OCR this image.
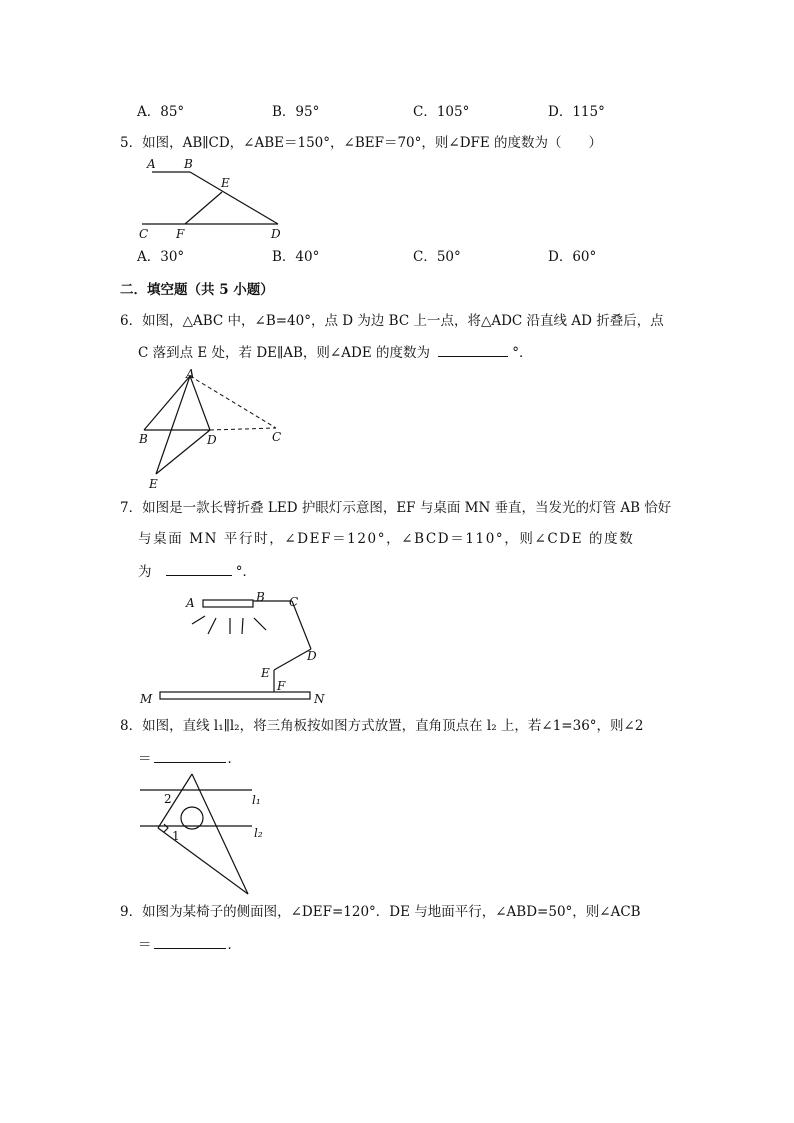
A．85°	B．95°	C．105°	D．115°
5．如图，AB∥CD，∠ABE＝150°，∠BEF＝70°，则∠DFE 的度数为（　　）
A B
E
C F	D
A．30°	B．40°	C．50°	D．60°
二．填空题（共 5 小题）
6．如图，△ABC 中，∠B=40°，点 D 为边 BC 上一点，将△ADC 沿直线 AD 折叠后，点
C 落到点 E 处，若 DE∥AB，则∠ADE 的度数为	°．
A
B	D	C
E
7．如图是一款长臂折叠 LED 护眼灯示意图，EF 与桌面 MN 垂直，当发光的灯管 AB 恰好
与桌面 MN 平行时，∠DEF＝120°，∠BCD＝110°，则∠CDE 的度数
为	°．
A	B C
D
E
F
M	N
8．如图，直线 l₁∥l₂，将三角板按如图方式放置，直角顶点在 l₂ 上，若∠1=36°，则∠2
＝	．
l₁
l₂
2
1
9．如图为某椅子的侧面图，∠DEF=120°．DE 与地面平行，∠ABD=50°，则∠ACB
＝	．
